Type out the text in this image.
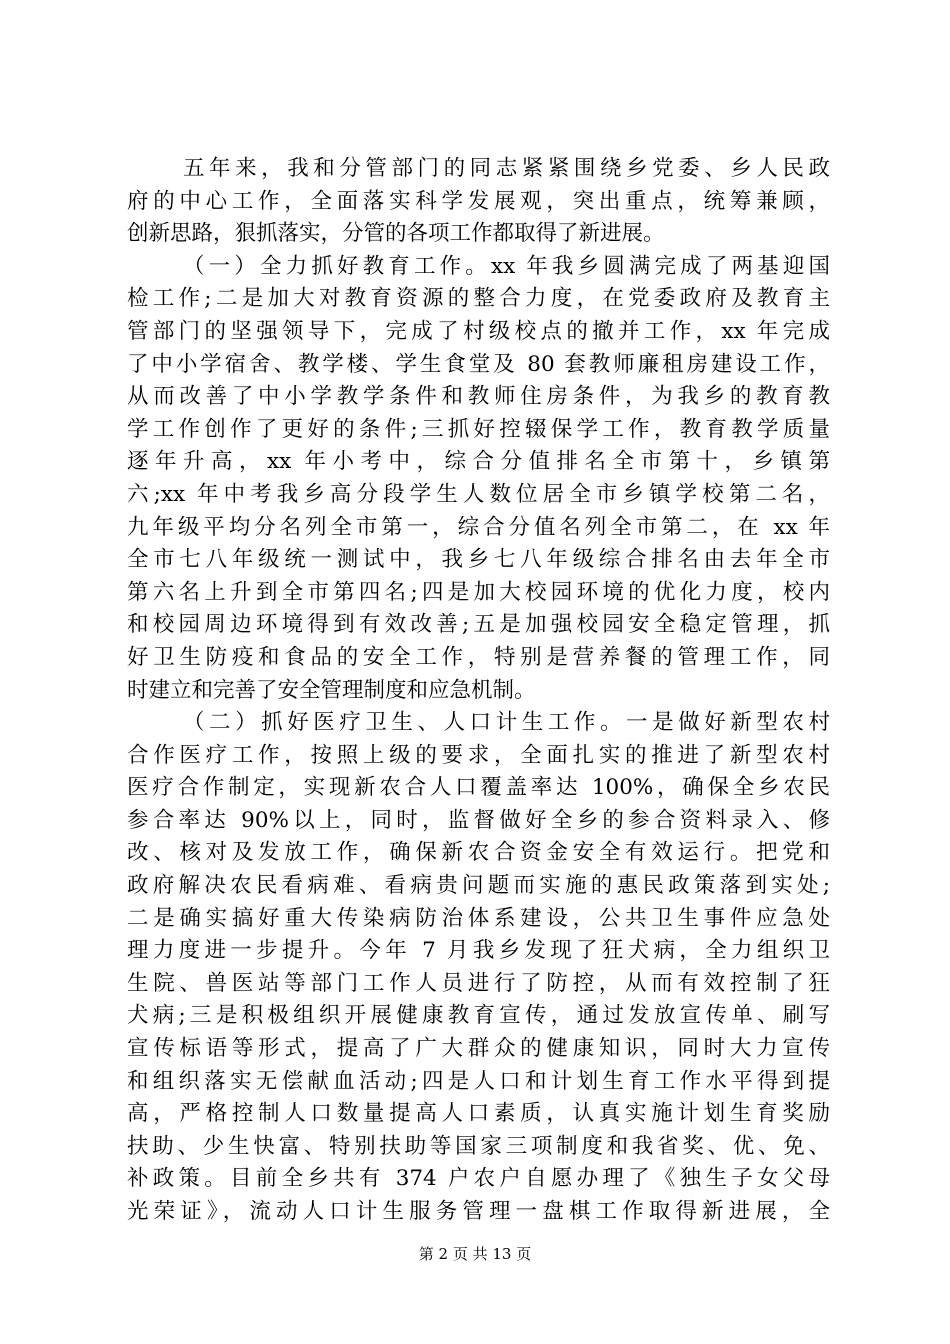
五年来，我和分管部门的同志紧紧围绕乡党委、乡人民政
府的中心工作，全面落实科学发展观，突出重点，统筹兼顾，
创新思路，狠抓落实，分管的各项工作都取得了新进展。
（一）全力抓好教育工作。xx 年我乡圆满完成了两基迎国
检工作;二是加大对教育资源的整合力度，在党委政府及教育主
管部门的坚强领导下，完成了村级校点的撤并工作，xx 年完成
了中小学宿舍、教学楼、学生食堂及 80 套教师廉租房建设工作，
从而改善了中小学教学条件和教师住房条件，为我乡的教育教
学工作创作了更好的条件;三抓好控辍保学工作，教育教学质量
逐年升高，xx 年小考中，综合分值排名全市第十，乡镇第
六;xx 年中考我乡高分段学生人数位居全市乡镇学校第二名，
九年级平均分名列全市第一，综合分值名列全市第二，在 xx 年
全市七八年级统一测试中，我乡七八年级综合排名由去年全市
第六名上升到全市第四名;四是加大校园环境的优化力度，校内
和校园周边环境得到有效改善;五是加强校园安全稳定管理，抓
好卫生防疫和食品的安全工作，特别是营养餐的管理工作，同
时建立和完善了安全管理制度和应急机制。
（二）抓好医疗卫生、人口计生工作。一是做好新型农村
合作医疗工作，按照上级的要求，全面扎实的推进了新型农村
医疗合作制定，实现新农合人口覆盖率达 100%，确保全乡农民
参合率达 90%以上，同时，监督做好全乡的参合资料录入、修
改、核对及发放工作，确保新农合资金安全有效运行。把党和
政府解决农民看病难、看病贵问题而实施的惠民政策落到实处;
二是确实搞好重大传染病防治体系建设，公共卫生事件应急处
理力度进一步提升。今年 7 月我乡发现了狂犬病，全力组织卫
生院、兽医站等部门工作人员进行了防控，从而有效控制了狂
犬病;三是积极组织开展健康教育宣传，通过发放宣传单、刷写
宣传标语等形式，提高了广大群众的健康知识，同时大力宣传
和组织落实无偿献血活动;四是人口和计划生育工作水平得到提
高，严格控制人口数量提高人口素质，认真实施计划生育奖励
扶助、少生快富、特别扶助等国家三项制度和我省奖、优、免、
补政策。目前全乡共有 374 户农户自愿办理了《独生子女父母
光荣证》，流动人口计生服务管理一盘棋工作取得新进展，全
第 2 页 共 13 页
